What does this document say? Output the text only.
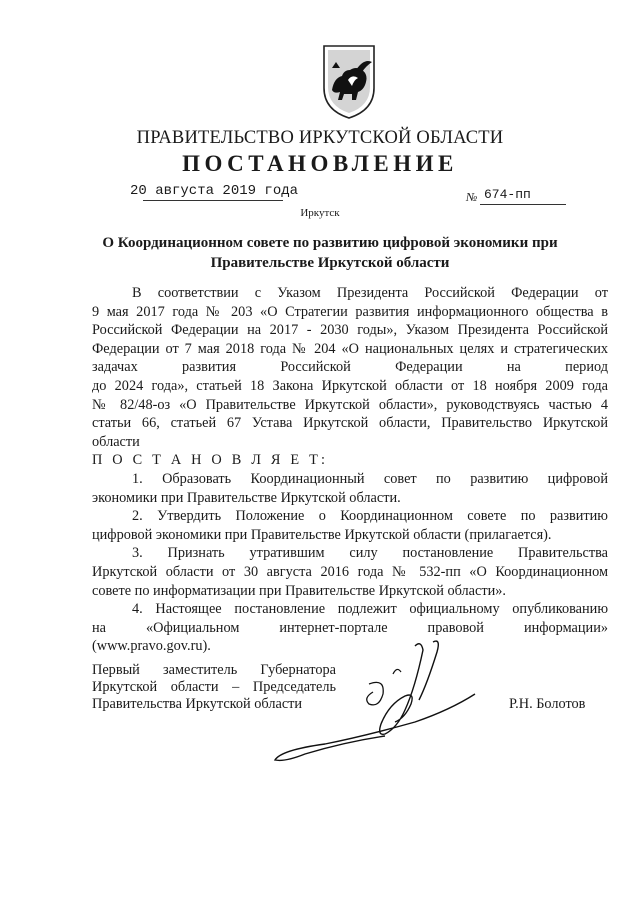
ПРАВИТЕЛЬСТВО ИРКУТСКОЙ ОБЛАСТИ
ПОСТАНОВЛЕНИЕ
20 августа 2019 года	№ 674-пп
Иркутск
О Координационном совете по развитию цифровой экономики при
Правительстве Иркутской области

В соответствии с Указом Президента Российской Федерации от

9 мая 2017 года № 203 «О Стратегии развития информационного общества в

Российской Федерации на 2017 - 2030 годы», Указом Президента Российской

Федерации от 7 мая 2018 года № 204 «О национальных целях и стратегических

задачах развития Российской Федерации на период

до 2024 года», статьей 18 Закона Иркутской области от 18 ноября 2009 года

№ 82/48-оз «О Правительстве Иркутской области», руководствуясь частью 4

статьи 66, статьей 67 Устава Иркутской области, Правительство Иркутской

области

П О С Т А Н О В Л Я Е Т:

1. Образовать Координационный совет по развитию цифровой

экономики при Правительстве Иркутской области.

2. Утвердить Положение о Координационном совете по развитию

цифровой экономики при Правительстве Иркутской области (прилагается).

3. Признать утратившим силу постановление Правительства

Иркутской области от 30 августа 2016 года № 532-пп «О Координационном

совете по информатизации при Правительстве Иркутской области».

4. Настоящее постановление подлежит официальному опубликованию

на «Официальном интернет-портале правовой информации»

(www.pravo.gov.ru).

Первый заместитель Губернатора
Иркутской области – Председатель
Правительства Иркутской области	Р.Н. Болотов
